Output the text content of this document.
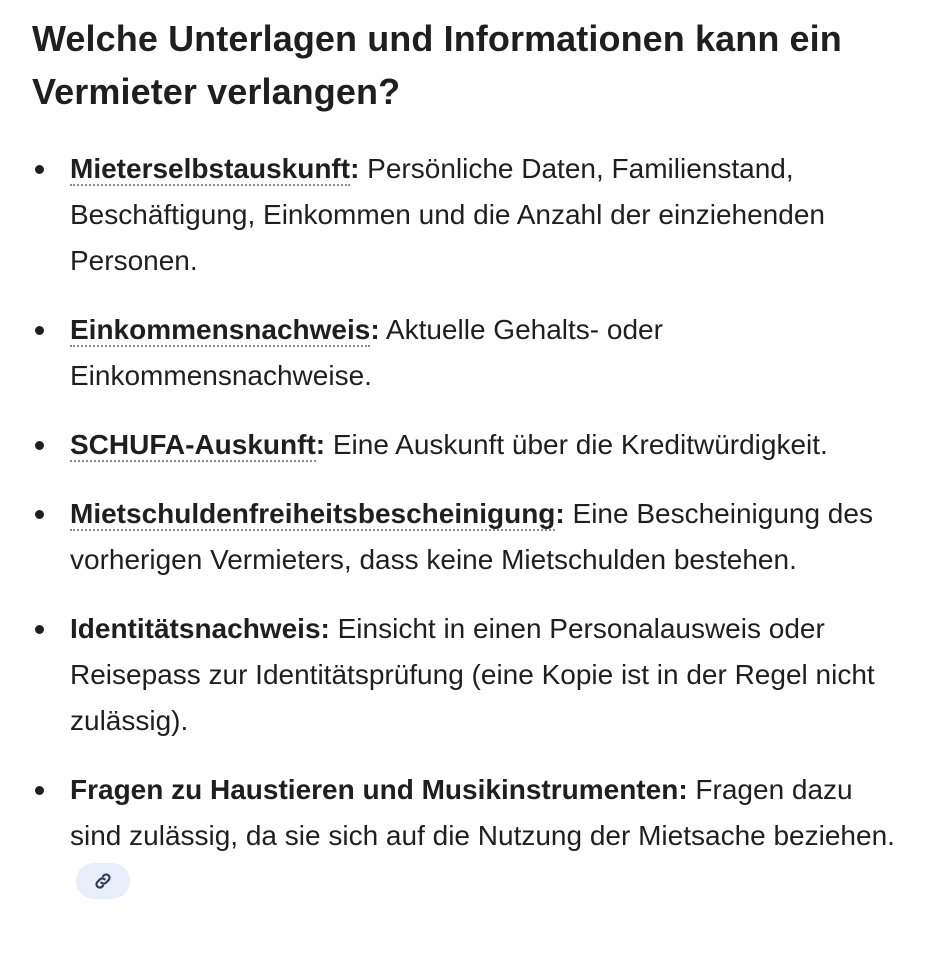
Welche Unterlagen und Informationen kann ein Vermieter verlangen?
Mieterselbstauskunft: Persönliche Daten, Familienstand, Beschäftigung, Einkommen und die Anzahl der einziehenden Personen.
Einkommensnachweis: Aktuelle Gehalts- oder Einkommensnachweise.
SCHUFA-Auskunft: Eine Auskunft über die Kreditwürdigkeit.
Mietschuldenfreiheitsbescheinigung: Eine Bescheinigung des vorherigen Vermieters, dass keine Mietschulden bestehen.
Identitätsnachweis: Einsicht in einen Personalausweis oder Reisepass zur Identitätsprüfung (eine Kopie ist in der Regel nicht zulässig).
Fragen zu Haustieren und Musikinstrumenten: Fragen dazu sind zulässig, da sie sich auf die Nutzung der Mietsache beziehen.
